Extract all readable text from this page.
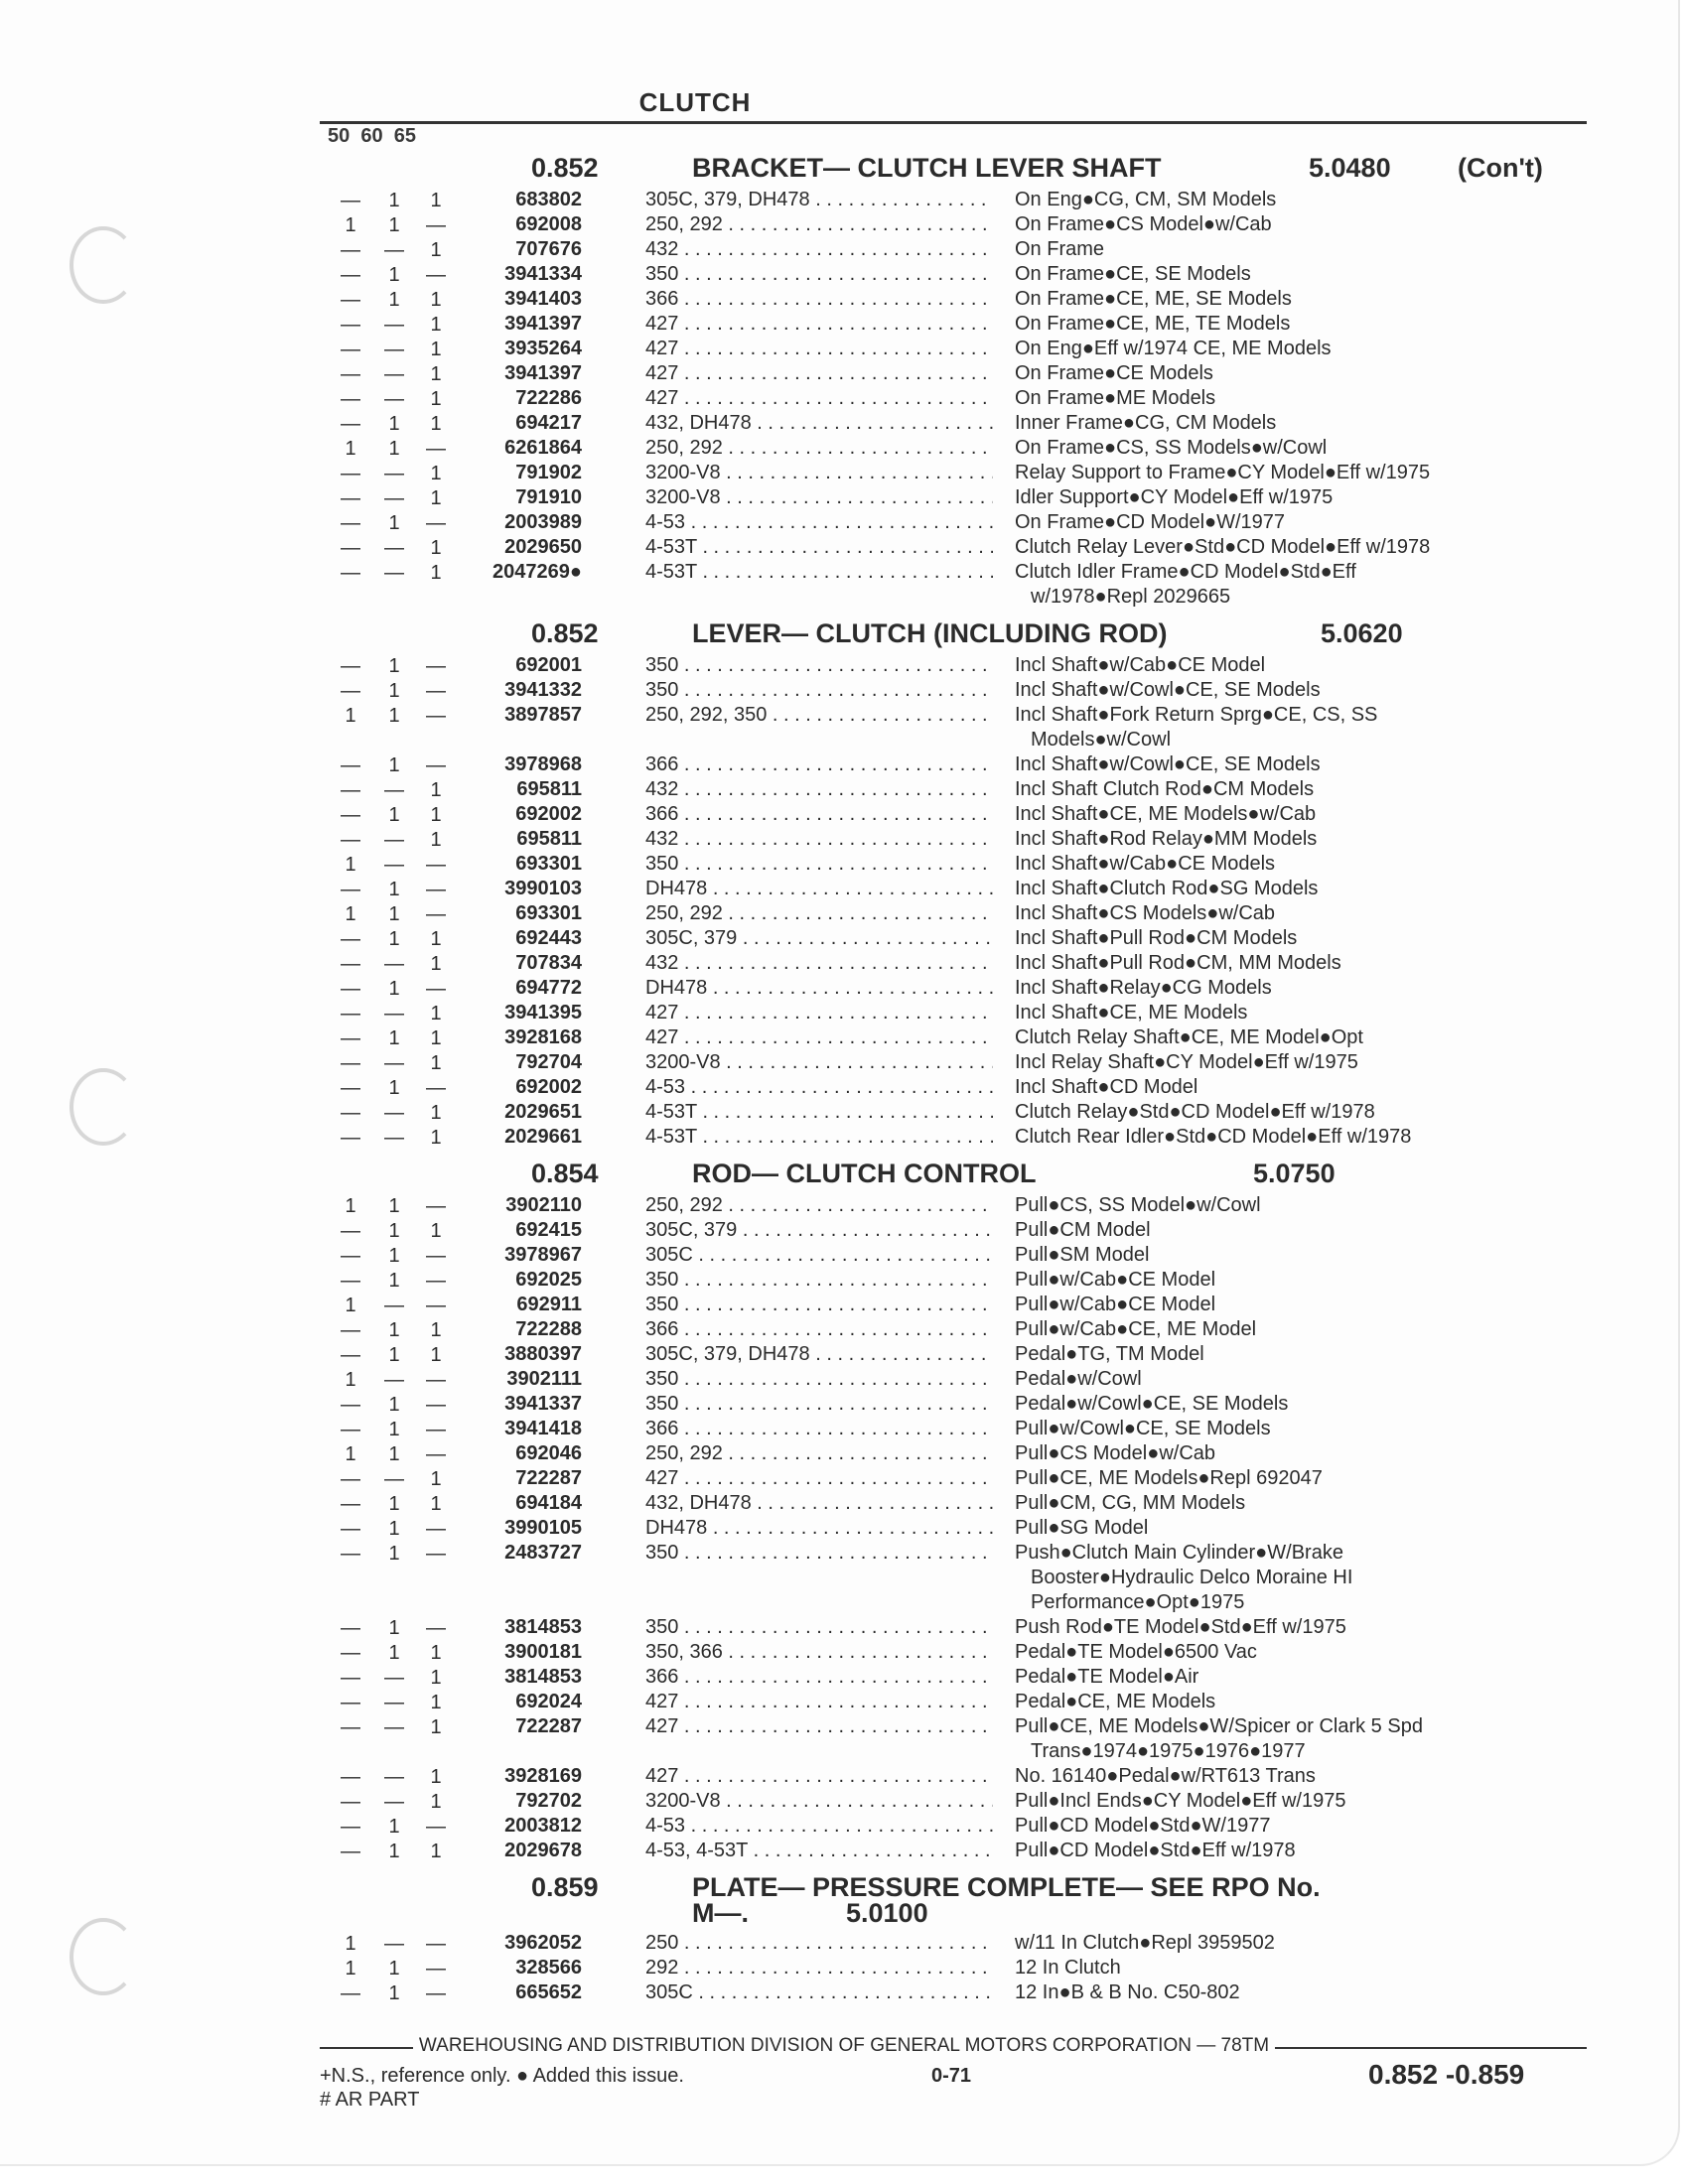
CLUTCH
50  60  65
0.852	BRACKET— CLUTCH LEVER SHAFT	5.0480 (Con't)
— 1 1	683802	305C, 379, DH478 . . .	On Eng●CG, CM, SM Models
1 1 —	692008	250, 292 . . .	On Frame●CS Model●w/Cab
— — 1	707676	432 . . .	On Frame
— 1 —	3941334	350 . . .	On Frame●CE, SE Models
— 1 1	3941403	366 . . .	On Frame●CE, ME, SE Models
— — 1	3941397	427 . . .	On Frame●CE, ME, TE Models
— — 1	3935264	427 . . .	On Eng●Eff w/1974 CE, ME Models
— — 1	3941397	427 . . .	On Frame●CE Models
— — 1	722286	427 . . .	On Frame●ME Models
— 1 1	694217	432, DH478 . . .	Inner Frame●CG, CM Models
1 1 —	6261864	250, 292 . . .	On Frame●CS, SS Models●w/Cowl
— — 1	791902	3200-V8 . . .	Relay Support to Frame●CY Model●Eff w/1975
— — 1	791910	3200-V8 . . .	Idler Support●CY Model●Eff w/1975
— 1 —	2003989	4-53 . . .	On Frame●CD Model●W/1977
— — 1	2029650	4-53T . . .	Clutch Relay Lever●Std●CD Model●Eff w/1978
— — 1	2047269●	4-53T . . .	Clutch Idler Frame●CD Model●Std●Eff
w/1978●Repl 2029665
0.852	LEVER— CLUTCH (INCLUDING ROD)	5.0620
— 1 —	692001	350 . . .	Incl Shaft●w/Cab●CE Model
— 1 —	3941332	350 . . .	Incl Shaft●w/Cowl●CE, SE Models
1 1 —	3897857	250, 292, 350 . . .	Incl Shaft●Fork Return Sprg●CE, CS, SS
Models●w/Cowl
— 1 —	3978968	366 . . .	Incl Shaft●w/Cowl●CE, SE Models
— — 1	695811	432 . . .	Incl Shaft Clutch Rod●CM Models
— 1 1	692002	366 . . .	Incl Shaft●CE, ME Models●w/Cab
— — 1	695811	432 . . .	Incl Shaft●Rod Relay●MM Models
1 — —	693301	350 . . .	Incl Shaft●w/Cab●CE Models
— 1 —	3990103	DH478 . . .	Incl Shaft●Clutch Rod●SG Models
1 1 —	693301	250, 292 . . .	Incl Shaft●CS Models●w/Cab
— 1 1	692443	305C, 379 . . .	Incl Shaft●Pull Rod●CM Models
— — 1	707834	432 . . .	Incl Shaft●Pull Rod●CM, MM Models
— 1 —	694772	DH478 . . .	Incl Shaft●Relay●CG Models
— — 1	3941395	427 . . .	Incl Shaft●CE, ME Models
— 1 1	3928168	427 . . .	Clutch Relay Shaft●CE, ME Model●Opt
— — 1	792704	3200-V8 . . .	Incl Relay Shaft●CY Model●Eff w/1975
— 1 —	692002	4-53 . . .	Incl Shaft●CD Model
— — 1	2029651	4-53T . . .	Clutch Relay●Std●CD Model●Eff w/1978
— — 1	2029661	4-53T . . .	Clutch Rear Idler●Std●CD Model●Eff w/1978
0.854	ROD— CLUTCH CONTROL	5.0750
1 1 —	3902110	250, 292 . . .	Pull●CS, SS Model●w/Cowl
— 1 1	692415	305C, 379 . . .	Pull●CM Model
— 1 —	3978967	305C . . .	Pull●SM Model
— 1 —	692025	350 . . .	Pull●w/Cab●CE Model
1 — —	692911	350 . . .	Pull●w/Cab●CE Model
— 1 1	722288	366 . . .	Pull●w/Cab●CE, ME Model
— 1 1	3880397	305C, 379, DH478 . . .	Pedal●TG, TM Model
1 — —	3902111	350 . . .	Pedal●w/Cowl
— 1 —	3941337	350 . . .	Pedal●w/Cowl●CE, SE Models
— 1 —	3941418	366 . . .	Pull●w/Cowl●CE, SE Models
1 1 —	692046	250, 292 . . .	Pull●CS Model●w/Cab
— — 1	722287	427 . . .	Pull●CE, ME Models●Repl 692047
— 1 1	694184	432, DH478 . . .	Pull●CM, CG, MM Models
— 1 —	3990105	DH478 . . .	Pull●SG Model
— 1 —	2483727	350 . . .	Push●Clutch Main Cylinder●W/Brake
Booster●Hydraulic Delco Moraine HI
Performance●Opt●1975
— 1 —	3814853	350 . . .	Push Rod●TE Model●Std●Eff w/1975
— 1 1	3900181	350, 366 . . .	Pedal●TE Model●6500 Vac
— — 1	3814853	366 . . .	Pedal●TE Model●Air
— — 1	692024	427 . . .	Pedal●CE, ME Models
— — 1	722287	427 . . .	Pull●CE, ME Models●W/Spicer or Clark 5 Spd
Trans●1974●1975●1976●1977
— — 1	3928169	427 . . .	No. 16140●Pedal●w/RT613 Trans
— — 1	792702	3200-V8 . . .	Pull●Incl Ends●CY Model●Eff w/1975
— 1 —	2003812	4-53 . . .	Pull●CD Model●Std●W/1977
— 1 1	2029678	4-53, 4-53T . . .	Pull●CD Model●Std●Eff w/1978
0.859	PLATE— PRESSURE COMPLETE— SEE RPO No.
M—.	5.0100
1 — —	3962052	250 . . .	w/11 In Clutch●Repl 3959502
1 1 —	328566	292 . . .	12 In Clutch
— 1 —	665652	305C . . .	12 In●B & B No. C50-802
WAREHOUSING AND DISTRIBUTION DIVISION OF GENERAL MOTORS CORPORATION — 78TM
+N.S., reference only. ● Added this issue.
# AR PART
0-71	0.852 -0.859
